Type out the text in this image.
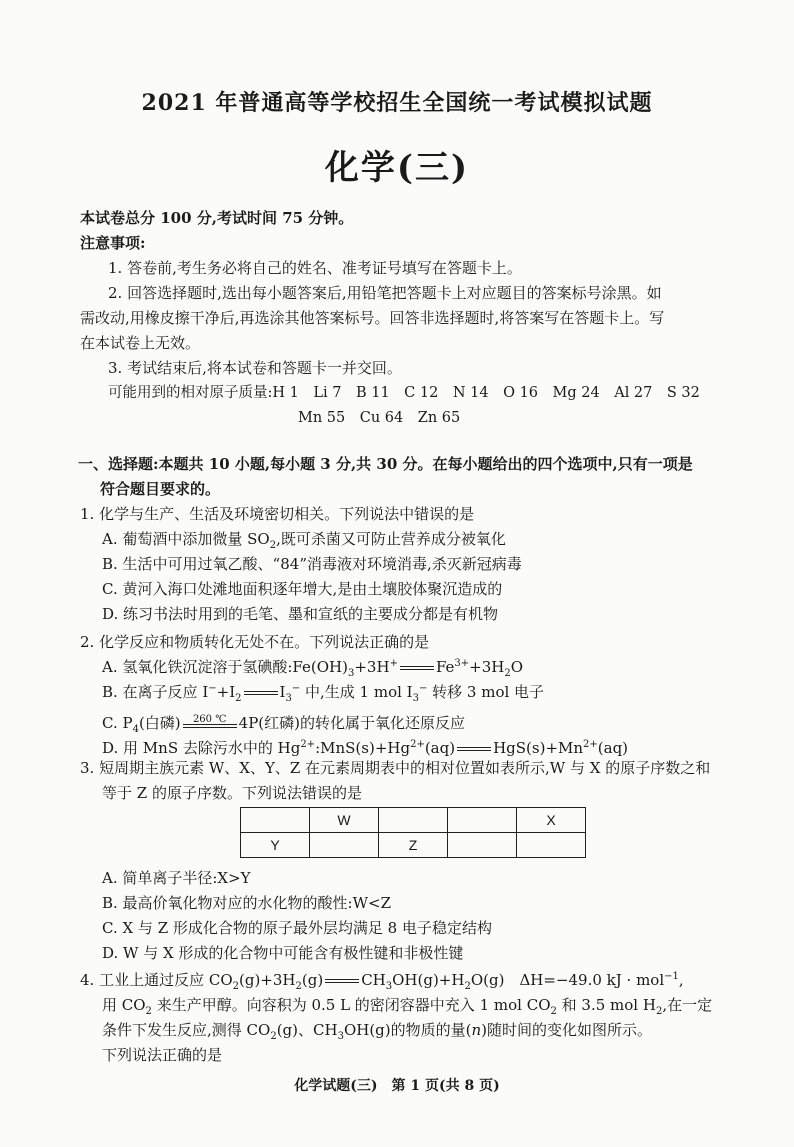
2021 年普通高等学校招生全国统一考试模拟试题
化学(三)
本试卷总分 100 分,考试时间 75 分钟。
注意事项:
1. 答卷前,考生务必将自己的姓名、准考证号填写在答题卡上。
2. 回答选择题时,选出每小题答案后,用铅笔把答题卡上对应题目的答案标号涂黑。如
需改动,用橡皮擦干净后,再选涂其他答案标号。回答非选择题时,将答案写在答题卡上。写
在本试卷上无效。
3. 考试结束后,将本试卷和答题卡一并交回。
可能用到的相对原子质量:H 1　Li 7　B 11　C 12　N 14　O 16　Mg 24　Al 27　S 32
Mn 55　Cu 64　Zn 65
一、选择题:本题共 10 小题,每小题 3 分,共 30 分。在每小题给出的四个选项中,只有一项是
符合题目要求的。
1. 化学与生产、生活及环境密切相关。下列说法中错误的是
A. 葡萄酒中添加微量 $SO_2$,既可杀菌又可防止营养成分被氧化
B. 生活中可用过氧乙酸、“84”消毒液对环境消毒,杀灭新冠病毒
C. 黄河入海口处滩地面积逐年增大,是由土壤胶体聚沉造成的
D. 练习书法时用到的毛笔、墨和宣纸的主要成分都是有机物
2. 化学反应和物质转化无处不在。下列说法正确的是
A. 氢氧化铁沉淀溶于氢碘酸$:Fe(OH)_3+3H^+$	$Fe^{3+}+3H_2O$
B. 在离子反应 $I^-+I_2$	$I_3^-$ 中,生成 1 mol $I_3^-$ 转移 3 mol 电子
C. $P_4$(白磷)	260 ℃ 4P(红磷)的转化属于氧化还原反应
D. 用 MnS 去除污水中的 $Hg^{2+}:MnS(s)+Hg^{2+}(aq)$	$HgS(s)+Mn^{2+}(aq)$
3. 短周期主族元素 W、X、Y、Z 在元素周期表中的相对位置如表所示,W 与 X 的原子序数之和
等于 Z 的原子序数。下列说法错误的是
	W			X
Y		Z		
A. 简单离子半径:X>Y
B. 最高价氧化物对应的水化物的酸性:W<Z
C. X 与 Z 形成化合物的原子最外层均满足 8 电子稳定结构
D. W 与 X 形成的化合物中可能含有极性键和非极性键
4. 工业上通过反应 $CO_2(g)+3H_2(g)$	$CH_3OH(g)+H_2O(g)$　ΔH=−49.0 kJ · mol$^{-1}$,
用 $CO_2$ 来生产甲醇。向容积为 0.5 L 的密闭容器中充入 1 mol $CO_2$ 和 3.5 mol $H_2$,在一定
条件下发生反应,测得 $CO_2(g)$、$CH_3OH(g)$的物质的量(n)随时间的变化如图所示。
下列说法正确的是
化学试题(三)　第 1 页(共 8 页)
